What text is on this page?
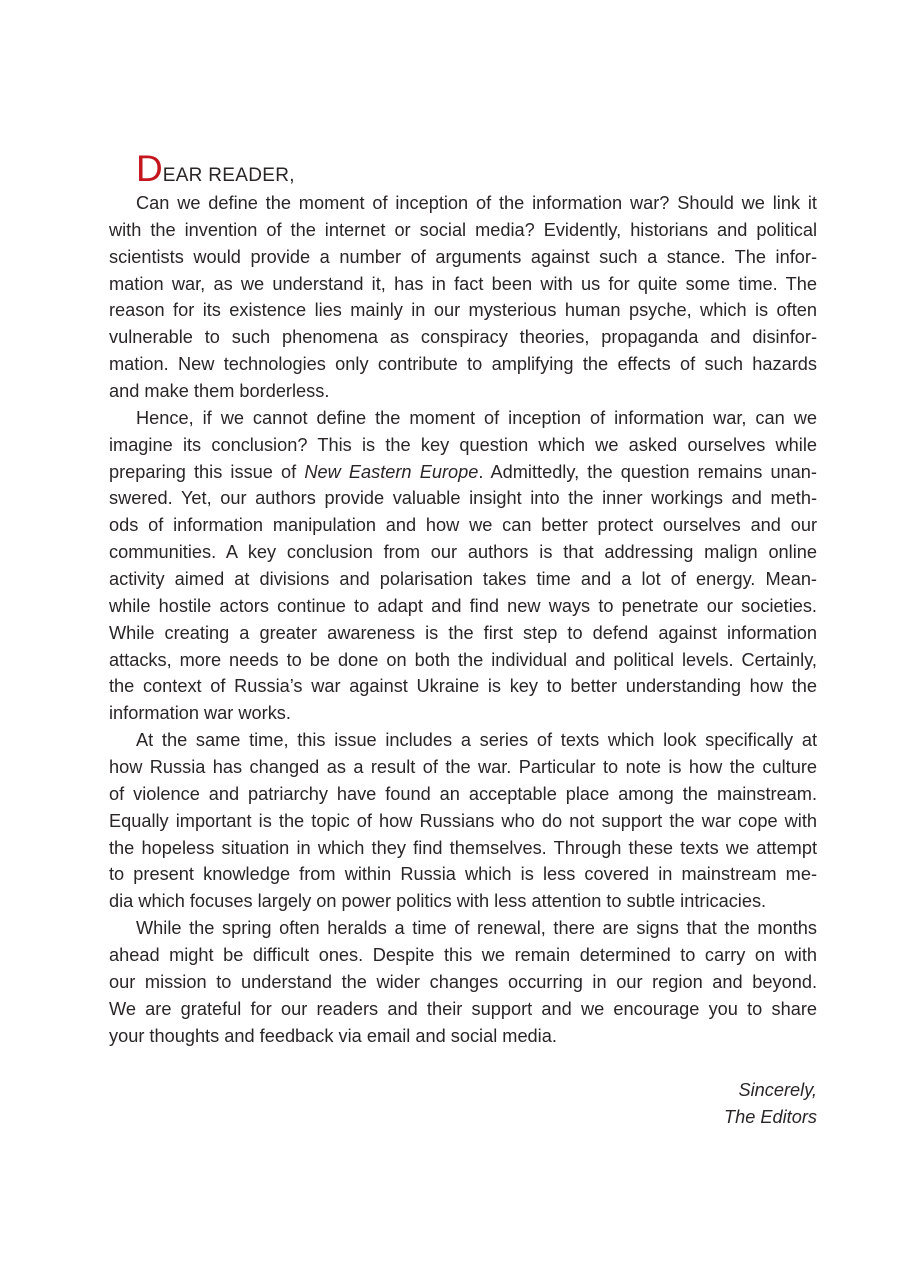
DEAR READER,
Can we define the moment of inception of the information war? Should we link it
with the invention of the internet or social media? Evidently, historians and political
scientists would provide a number of arguments against such a stance. The infor-
mation war, as we understand it, has in fact been with us for quite some time. The
reason for its existence lies mainly in our mysterious human psyche, which is often
vulnerable to such phenomena as conspiracy theories, propaganda and disinfor-
mation. New technologies only contribute to amplifying the effects of such hazards
and make them borderless.
Hence, if we cannot define the moment of inception of information war, can we
imagine its conclusion? This is the key question which we asked ourselves while
preparing this issue of New Eastern Europe. Admittedly, the question remains unan-
swered. Yet, our authors provide valuable insight into the inner workings and meth-
ods of information manipulation and how we can better protect ourselves and our
communities. A key conclusion from our authors is that addressing malign online
activity aimed at divisions and polarisation takes time and a lot of energy. Mean-
while hostile actors continue to adapt and find new ways to penetrate our societies.
While creating a greater awareness is the first step to defend against information
attacks, more needs to be done on both the individual and political levels. Certainly,
the context of Russia’s war against Ukraine is key to better understanding how the
information war works.
At the same time, this issue includes a series of texts which look specifically at
how Russia has changed as a result of the war. Particular to note is how the culture
of violence and patriarchy have found an acceptable place among the mainstream.
Equally important is the topic of how Russians who do not support the war cope with
the hopeless situation in which they find themselves. Through these texts we attempt
to present knowledge from within Russia which is less covered in mainstream me-
dia which focuses largely on power politics with less attention to subtle intricacies.
While the spring often heralds a time of renewal, there are signs that the months
ahead might be difficult ones. Despite this we remain determined to carry on with
our mission to understand the wider changes occurring in our region and beyond.
We are grateful for our readers and their support and we encourage you to share
your thoughts and feedback via email and social media.
Sincerely,
The Editors
